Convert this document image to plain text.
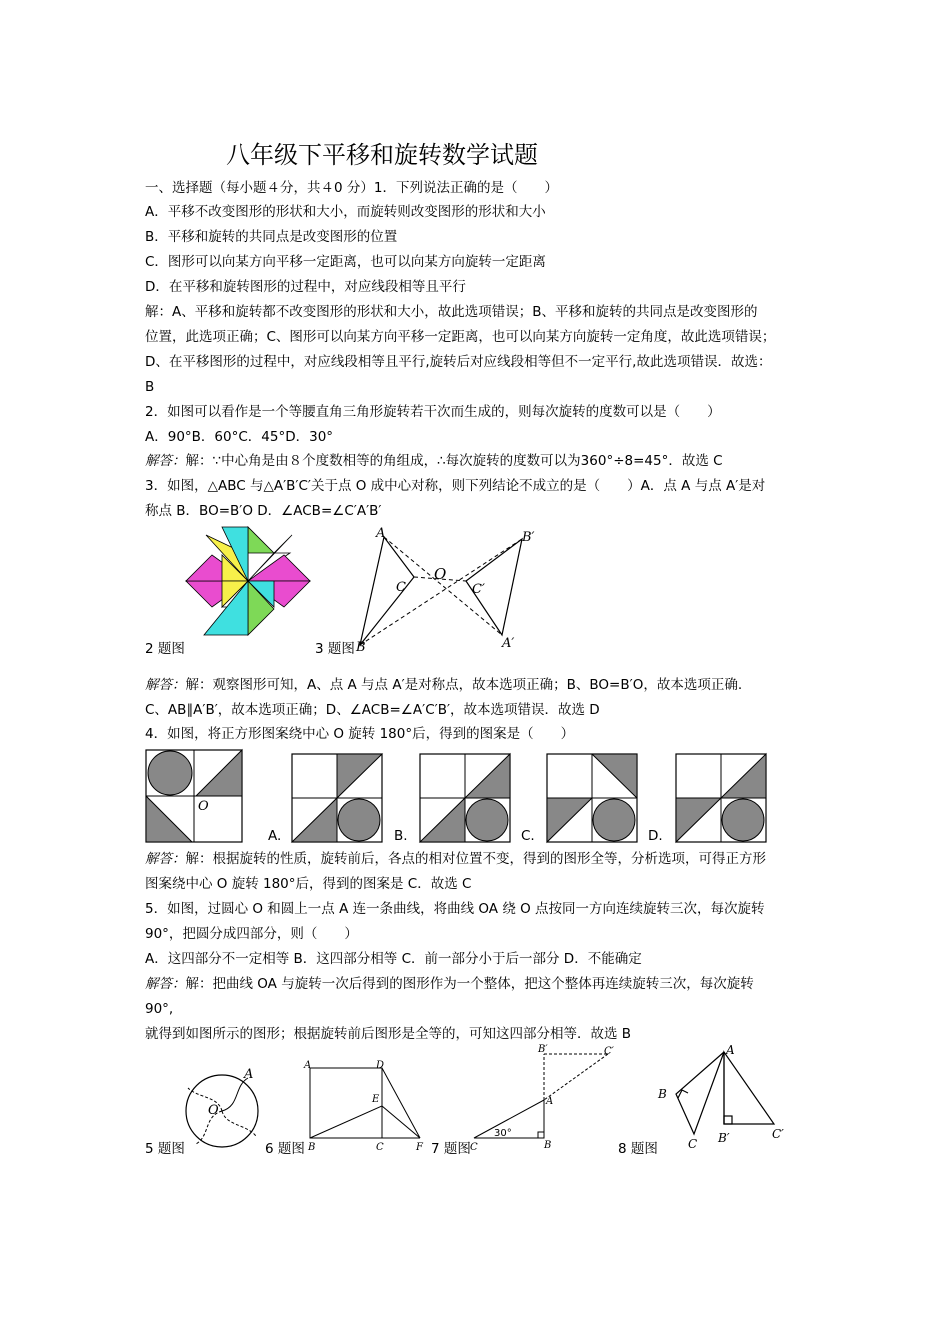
八年级下平移和旋转数学试题
一、选择题（每小题４分，共４0 分）1．下列说法正确的是（　　）
A．平移不改变图形的形状和大小，而旋转则改变图形的形状和大小
B．平移和旋转的共同点是改变图形的位置
C．图形可以向某方向平移一定距离，也可以向某方向旋转一定距离
D．在平移和旋转图形的过程中，对应线段相等且平行
解：A、平移和旋转都不改变图形的形状和大小，故此选项错误；B、平移和旋转的共同点是改变图形的
位置，此选项正确；C、图形可以向某方向平移一定距离，也可以向某方向旋转一定角度，故此选项错误；
D、在平移图形的过程中，对应线段相等且平行,旋转后对应线段相等但不一定平行,故此选项错误．故选：
B
2．如图可以看作是一个等腰直角三角形旋转若干次而生成的，则每次旋转的度数可以是（　　）
A．90°B．60°C．45°D．30°
解答：解：∵中心角是由８个度数相等的角组成，∴每次旋转的度数可以为360°÷8=45°．故选 C
3．如图，△ABC 与△A′B′C′关于点 O 成中心对称，则下列结论不成立的是（　　）A．点 A 与点 A′是对
称点 B．BO=B′O D．∠ACB=∠C′A′B′
2 题图
A
B
C
O
C′
B′
A′
3 题图
解答：解：观察图形可知，A、点 A 与点 A′是对称点，故本选项正确；B、BO=B′O，故本选项正确.
C、AB∥A′B′，故本选项正确；D、∠ACB=∠A′C′B′，故本选项错误．故选 D
4．如图，将正方形图案绕中心 O 旋转 180°后，得到的图案是（　　）
O
A.	B.	C.	D.
解答：解：根据旋转的性质，旋转前后，各点的相对位置不变，得到的图形全等，分析选项，可得正方形
图案绕中心 O 旋转 180°后，得到的图案是 C．故选 C
5．如图，过圆心 O 和圆上一点 A 连一条曲线，将曲线 OA 绕 O 点按同一方向连续旋转三次，每次旋转
90°，把圆分成四部分，则（　　）
A．这四部分不一定相等 B．这四部分相等 C．前一部分小于后一部分 D．不能确定
解答：解：把曲线 OA 与旋转一次后得到的图形作为一个整体，把这个整体再连续旋转三次，每次旋转
90°,
就得到如图所示的图形；根据旋转前后图形是全等的，可知这四部分相等．故选 B
A
O
5 题图
A	D
E
B	C	F
6 题图
B′	C′
A
30°
C	B
7 题图
A
B
C B′	C′
8 题图
